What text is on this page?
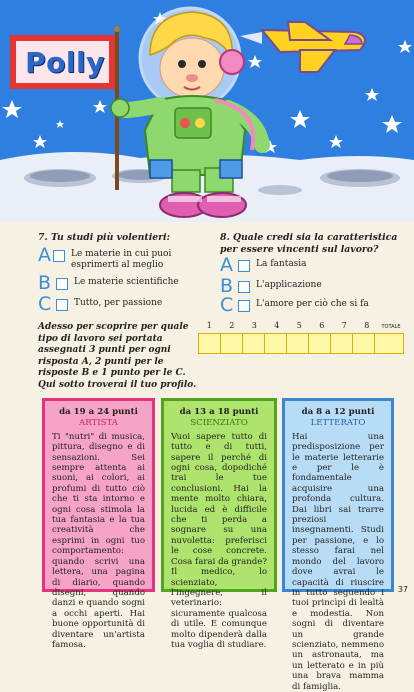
Polly
7. Tu studi più volentieri:
A Le materie in cui puoi esprimerti al meglio
B	Le materie scientifiche
C	Tutto, per passione
8. Quale credi sia la caratteristica per essere vincenti sul lavoro?
A	La fantasia
B	L'applicazione
C	L'amore per ciò che si fa
Adesso per scoprire per quale tipo di lavoro sei portata assegnati 3 punti per ogni risposta A, 2 punti per le risposte B e 1 punto per le C. Qui sotto troverai il tuo profilo.
1	2	3	4	5	6	7	8	TOTALE
da 19 a 24 punti
ARTISTA
Ti "nutri" di musica, pittura, disegno e di sensazioni. Sei sempre attenta ai suoni, ai colori, ai profumi di tutto ciò che ti sta intorno e ogni cosa stimola la tua fantasia e la tua creatività che esprimi in ogni tuo comportamento: quando scrivi una lettera, una pagina di diario, quando disegni, quando danzi e quando sogni a occhi aperti. Hai buone opportunità di diventare un'artista famosa.
da 13 a 18 punti
SCIENZIATO
Vuoi sapere tutto di tutto e di tutti, sapere il perché di ogni cosa, dopodiché trai le tue conclusioni. Hai la mente molto chiara, lucida ed è difficile che ti perda a sognare su una nuvoletta: preferisci le cose concrete. Cosa farai da grande? Il medico, lo scienziato, l'ingegnere, il veterinario: sicuramente qualcosa di utile. E comunque molto dipenderà dalla tua voglia di studiare.
da 8 a 12 punti
LETTERATO
Hai una predisposizione per le materie letterarie e per le è fondamentale acquisire una profonda cultura. Dai libri sai trarre preziosi insegnamenti. Studi per passione, e lo stesso farai nel mondo del lavoro dove avrai le capacità di riuscire in tutto seguendo i tuoi princìpi di lealtà e modestia. Non sogni di diventare un grande scienziato, nemmeno un astronauta, ma un letterato e in più una brava mamma di famiglia.
37
